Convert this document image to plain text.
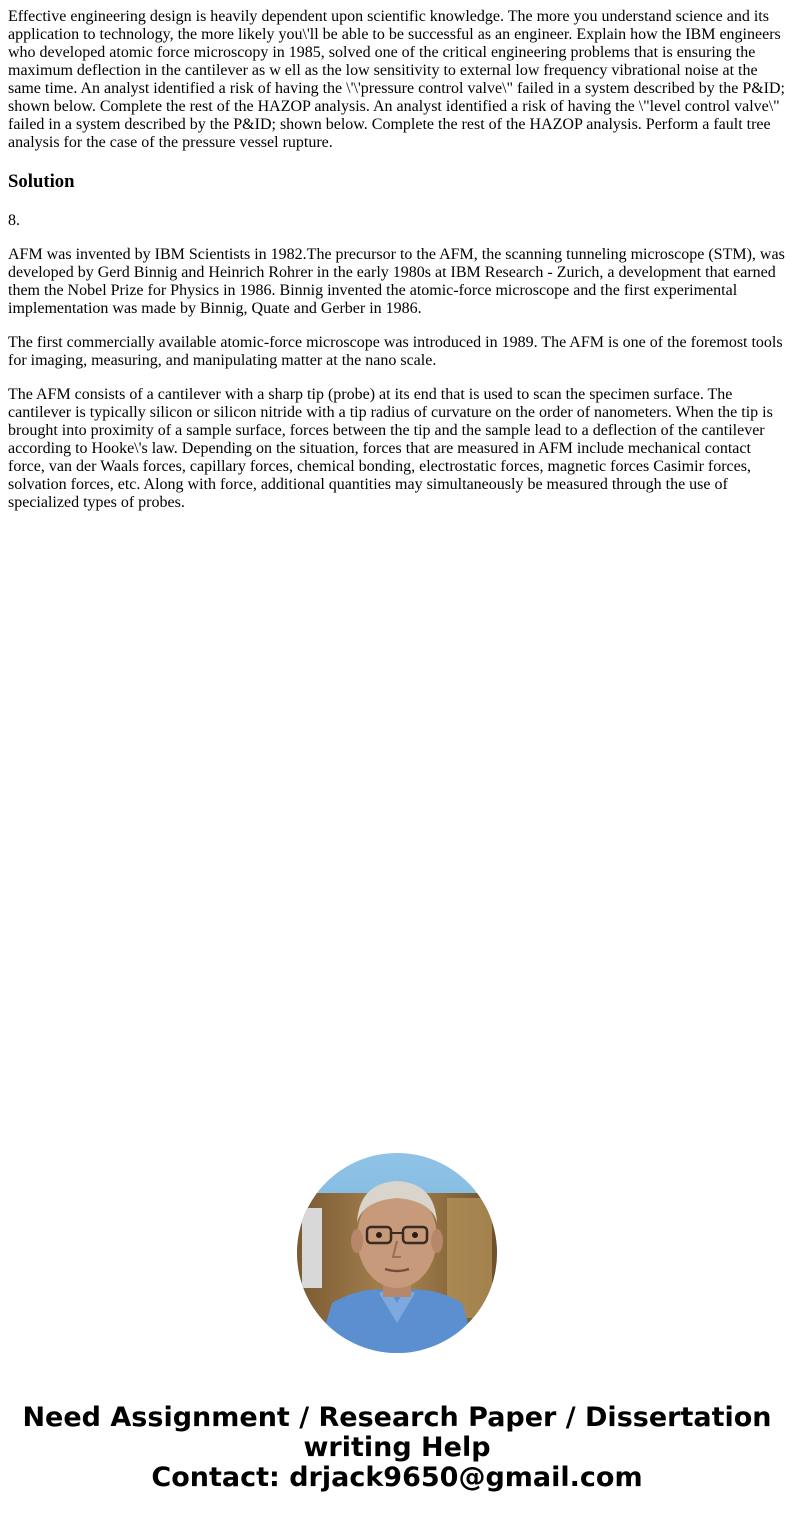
Effective engineering design is heavily dependent upon scientific knowledge. The more you understand science and its application to technology, the more likely you\'ll be able to be successful as an engineer. Explain how the IBM engineers who developed atomic force microscopy in 1985, solved one of the critical engineering problems that is ensuring the maximum deflection in the cantilever as w ell as the low sensitivity to external low frequency vibrational noise at the same time. An analyst identified a risk of having the \'\'pressure control valve\" failed in a system described by the P&ID; shown below. Complete the rest of the HAZOP analysis. An analyst identified a risk of having the \"level control valve\" failed in a system described by the P&ID; shown below. Complete the rest of the HAZOP analysis. Perform a fault tree analysis for the case of the pressure vessel rupture.

Solution

8.

AFM was invented by IBM Scientists in 1982.The precursor to the AFM, the scanning tunneling microscope (STM), was developed by Gerd Binnig and Heinrich Rohrer in the early 1980s at IBM Research - Zurich, a development that earned them the Nobel Prize for Physics in 1986. Binnig invented the atomic-force microscope and the first experimental implementation was made by Binnig, Quate and Gerber in 1986.

The first commercially available atomic-force microscope was introduced in 1989. The AFM is one of the foremost tools for imaging, measuring, and manipulating matter at the nano scale.

The AFM consists of a cantilever with a sharp tip (probe) at its end that is used to scan the specimen surface. The cantilever is typically silicon or silicon nitride with a tip radius of curvature on the order of nanometers. When the tip is brought into proximity of a sample surface, forces between the tip and the sample lead to a deflection of the cantilever according to Hooke\'s law. Depending on the situation, forces that are measured in AFM include mechanical contact force, van der Waals forces, capillary forces, chemical bonding, electrostatic forces, magnetic forces Casimir forces, solvation forces, etc. Along with force, additional quantities may simultaneously be measured through the use of specialized types of probes.

Need Assignment / Research Paper / Dissertation
writing Help
Contact: drjack9650@gmail.com
